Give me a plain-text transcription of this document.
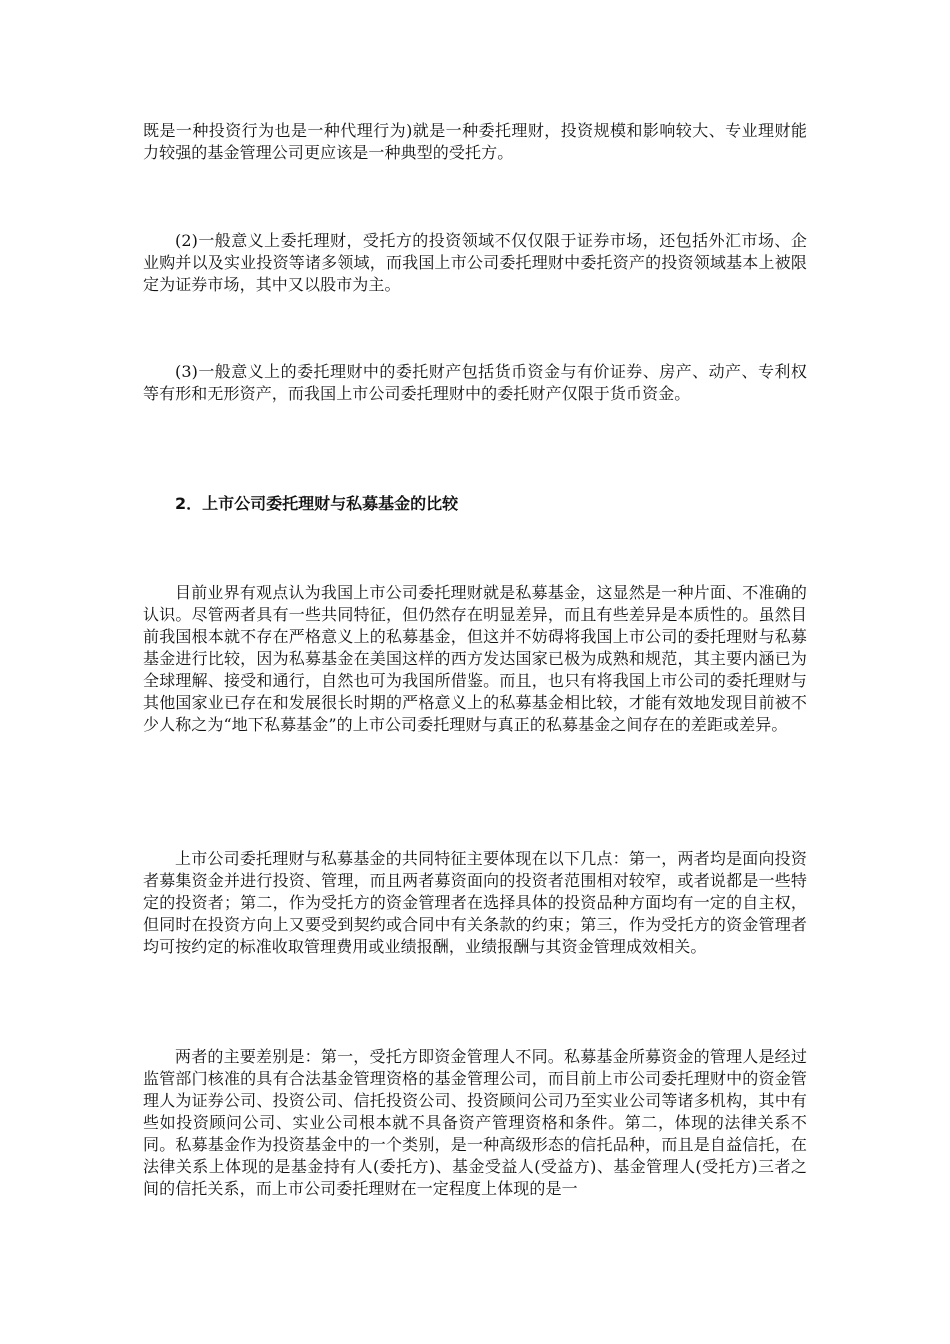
既是一种投资行为也是一种代理行为)就是一种委托理财，投资规模和影响较大、专业理财能力较强的基金管理公司更应该是一种典型的受托方。

(2)一般意义上委托理财，受托方的投资领域不仅仅限于证券市场，还包括外汇市场、企业购并以及实业投资等诸多领域，而我国上市公司委托理财中委托资产的投资领域基本上被限定为证券市场，其中又以股市为主。

(3)一般意义上的委托理财中的委托财产包括货币资金与有价证券、房产、动产、专利权等有形和无形资产，而我国上市公司委托理财中的委托财产仅限于货币资金。

2．上市公司委托理财与私募基金的比较

目前业界有观点认为我国上市公司委托理财就是私募基金，这显然是一种片面、不准确的认识。尽管两者具有一些共同特征，但仍然存在明显差异，而且有些差异是本质性的。虽然目前我国根本就不存在严格意义上的私募基金，但这并不妨碍将我国上市公司的委托理财与私募基金进行比较，因为私募基金在美国这样的西方发达国家已极为成熟和规范，其主要内涵已为全球理解、接受和通行，自然也可为我国所借鉴。而且，也只有将我国上市公司的委托理财与其他国家业已存在和发展很长时期的严格意义上的私募基金相比较，才能有效地发现目前被不少人称之为“地下私募基金”的上市公司委托理财与真正的私募基金之间存在的差距或差异。

上市公司委托理财与私募基金的共同特征主要体现在以下几点：第一，两者均是面向投资者募集资金并进行投资、管理，而且两者募资面向的投资者范围相对较窄，或者说都是一些特定的投资者；第二，作为受托方的资金管理者在选择具体的投资品种方面均有一定的自主权，但同时在投资方向上又要受到契约或合同中有关条款的约束；第三，作为受托方的资金管理者均可按约定的标准收取管理费用或业绩报酬，业绩报酬与其资金管理成效相关。

两者的主要差别是：第一，受托方即资金管理人不同。私募基金所募资金的管理人是经过监管部门核准的具有合法基金管理资格的基金管理公司，而目前上市公司委托理财中的资金管理人为证券公司、投资公司、信托投资公司、投资顾问公司乃至实业公司等诸多机构，其中有些如投资顾问公司、实业公司根本就不具备资产管理资格和条件。第二，体现的法律关系不同。私募基金作为投资基金中的一个类别，是一种高级形态的信托品种，而且是自益信托，在法律关系上体现的是基金持有人(委托方)、基金受益人(受益方)、基金管理人(受托方)三者之间的信托关系，而上市公司委托理财在一定程度上体现的是一
